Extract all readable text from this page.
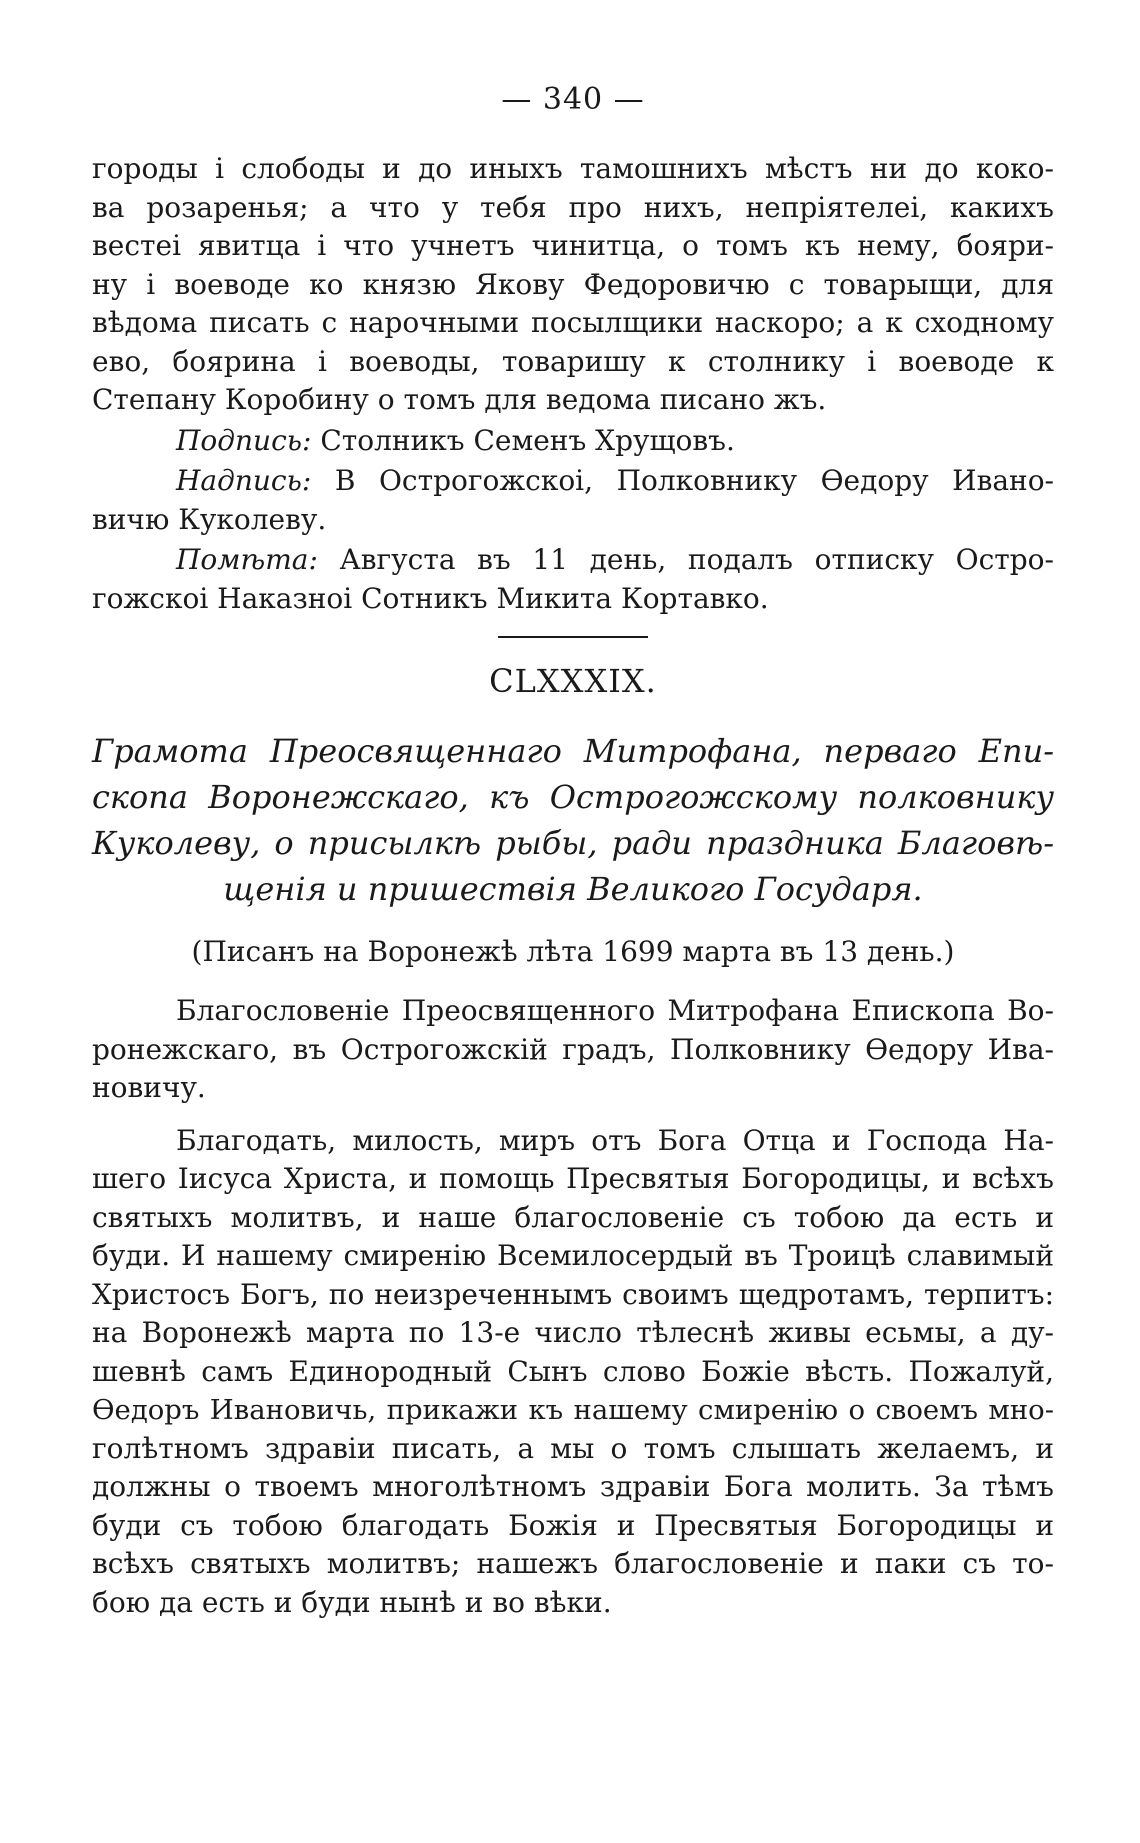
— 340 —
городы і слободы и до иныхъ тамошнихъ мѣстъ ни до коко-
ва розаренья; а что у тебя про нихъ, непріятелеі, какихъ
вестеі явитца і что учнетъ чинитца, о томъ къ нему, бояри-
ну і воеводе ко князю Якову Федоровичю с товарыщи, для
вѣдома писать с нарочными посылщики наскоро; а к сходному
ево, боярина і воеводы, товаришу к столнику і воеводе к
Степану Коробину о томъ для ведома писано жъ.
Подпись: Столникъ Семенъ Хрущовъ.
Надпись: В Острогожскоі, Полковнику Ѳедору Ивано-
вичю Куколеву.
Помѣта: Августа въ 11 день, подалъ отписку Остро-
гожскоі Наказноі Сотникъ Микита Кортавко.
CLXXXIX.
Грамота Преосвященнаго Митрофана, перваго Епи-
скопа Воронежскаго, къ Острогожскому полковнику
Куколеву, о присылкѣ рыбы, ради праздника Благовѣ-
щенія и пришествія Великого Государя.
(Писанъ на Воронежѣ лѣта 1699 марта въ 13 день.)
Благословеніе Преосвященного Митрофана Епископа Во-
ронежскаго, въ Острогожскій градъ, Полковнику Ѳедору Ива-
новичу.
Благодать, милость, миръ отъ Бога Отца и Господа На-
шего Іисуса Христа, и помощь Пресвятыя Богородицы, и всѣхъ
святыхъ молитвъ, и наше благословеніе съ тобою да есть и
буди. И нашему смиренію Всемилосердый въ Троицѣ славимый
Христосъ Богъ, по неизреченнымъ своимъ щедротамъ, терпитъ:
на Воронежѣ марта по 13-е число тѣлеснѣ живы есьмы, а ду-
шевнѣ самъ Единородный Сынъ слово Божіе вѣсть. Пожалуй,
Ѳедоръ Ивановичь, прикажи къ нашему смиренію о своемъ мно-
голѣтномъ здравіи писать, а мы о томъ слышать желаемъ, и
должны о твоемъ многолѣтномъ здравіи Бога молить. За тѣмъ
буди съ тобою благодать Божія и Пресвятыя Богородицы и
всѣхъ святыхъ молитвъ; нашежъ благословеніе и паки съ то-
бою да есть и буди нынѣ и во вѣки.
